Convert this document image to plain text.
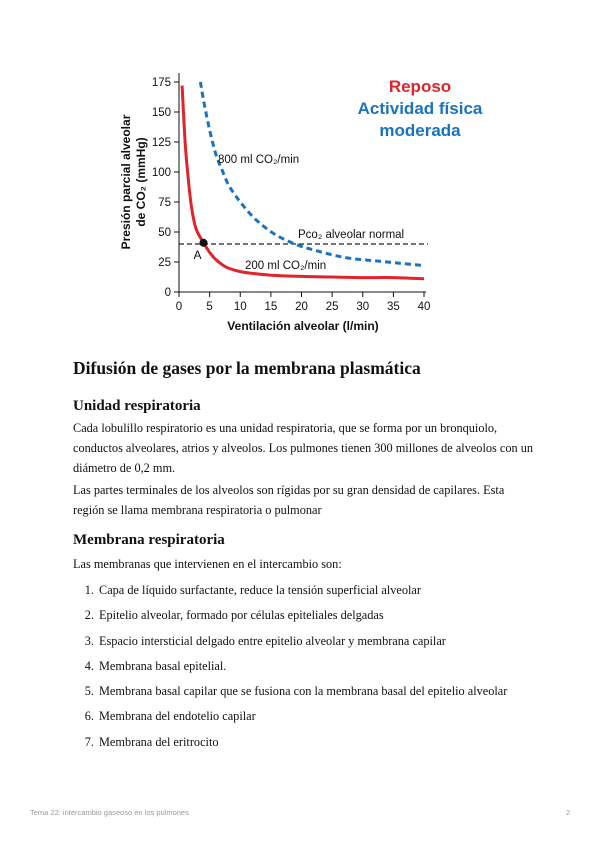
0
25
50
75
100
125
150
175
0 5 10 15 20 25 30 35 40
A
Pco₂ alveolar normal
800 ml CO₂/min
200 ml CO₂/min
Ventilación alveolar (l/min)
Presión parcial alveolar de CO₂ (mmHg)
Reposo
Actividad física moderada
Difusión de gases por la membrana plasmática
Unidad respiratoria

Cada lobulillo respiratorio es una unidad respiratoria, que se forma por un bronquiolo,
conductos alveolares, atrios y alveolos. Los pulmones tienen 300 millones de alveolos con un
diámetro de 0,2 mm.

Las partes terminales de los alveolos son rígidas por su gran densidad de capilares. Esta
región se llama membrana respiratoria o pulmonar

Membrana respiratoria

Las membranas que intervienen en el intercambio son:

1. Capa de líquido surfactante, reduce la tensión superficial alveolar
2. Epitelio alveolar, formado por células epiteliales delgadas
3. Espacio intersticial delgado entre epitelio alveolar y membrana capilar
4. Membrana basal epitelial.
5. Membrana basal capilar que se fusiona con la membrana basal del epitelio alveolar
6. Membrana del endotelio capilar
7. Membrana del eritrocito
Tema 22: intercambio gaseoso en los pulmones	2
